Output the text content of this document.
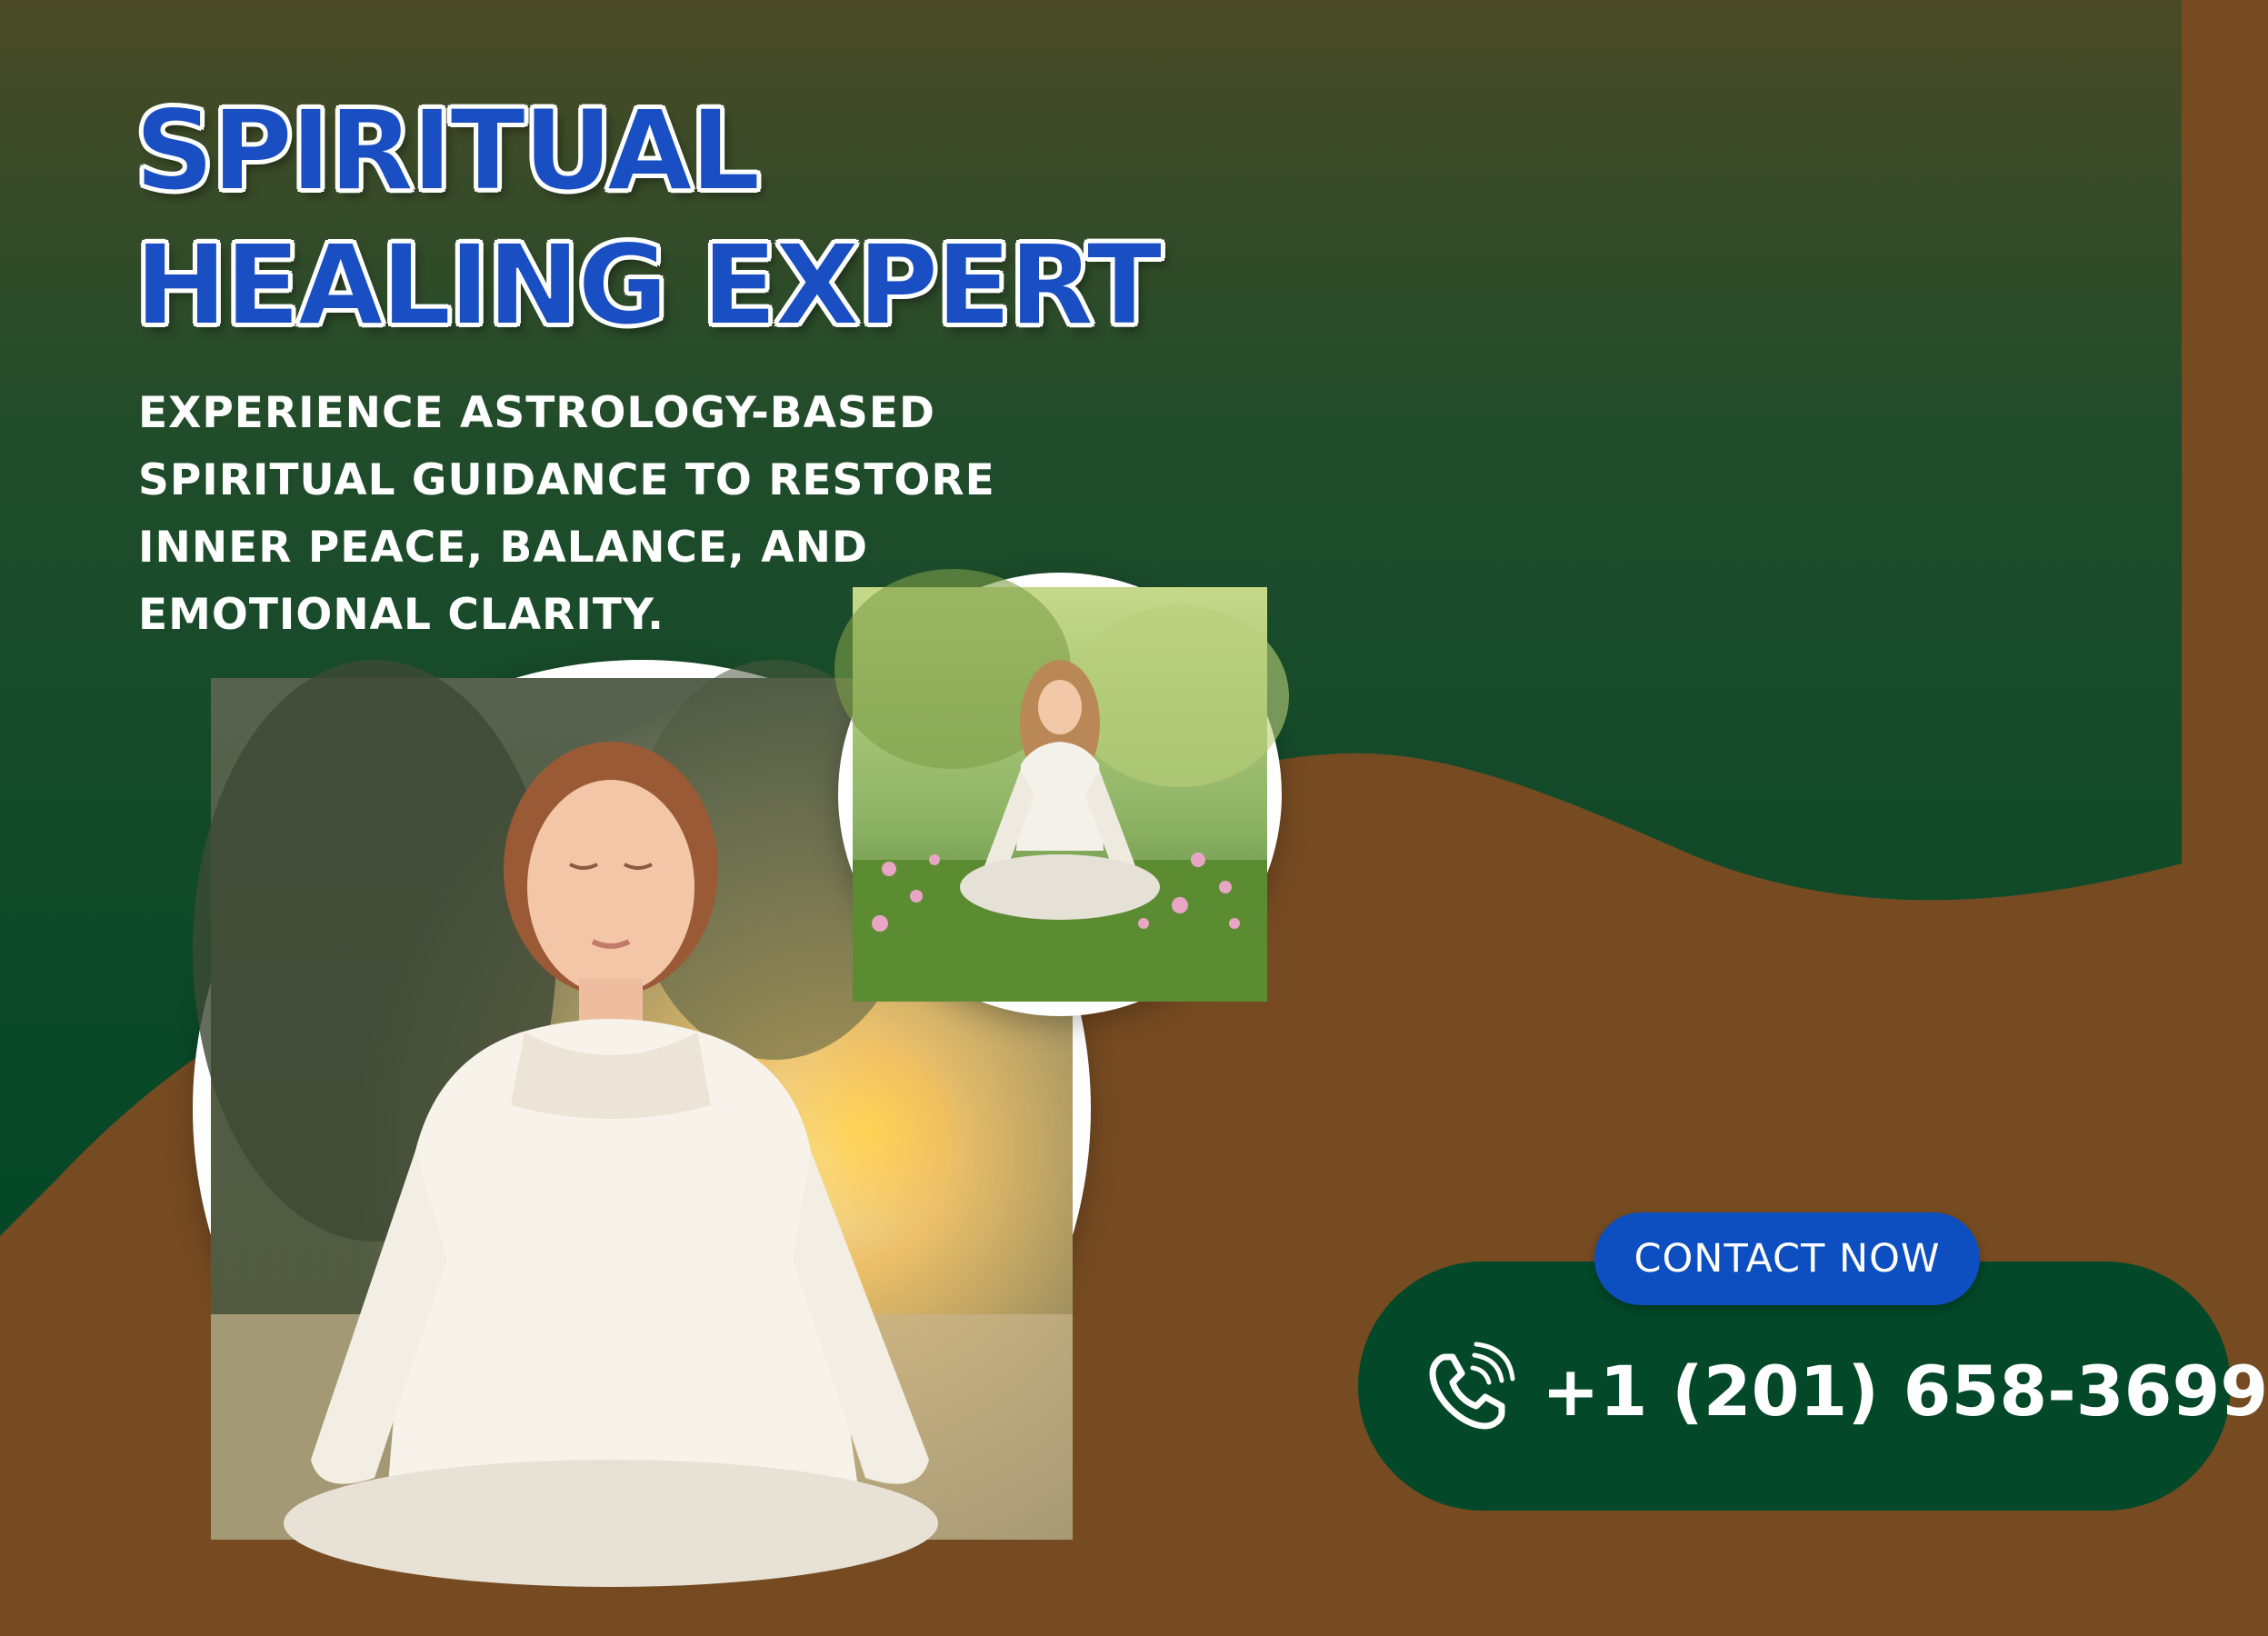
SPIRITUAL
HEALING EXPERT

EXPERIENCE ASTROLOGY-BASED SPIRITUAL GUIDANCE TO RESTORE INNER PEACE, BALANCE, AND EMOTIONAL CLARITY.

CONTACT NOW
+1 (201) 658-3699
